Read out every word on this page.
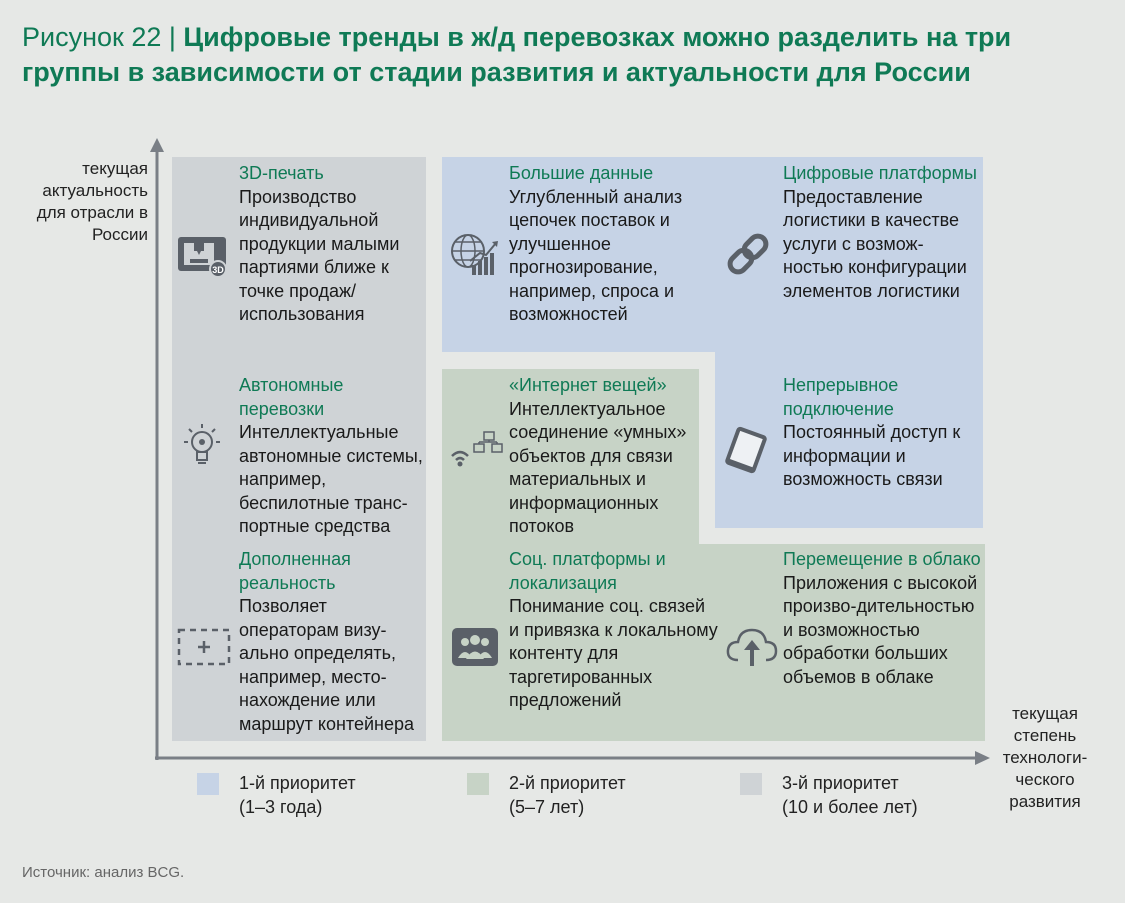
Рисунок 22 | Цифровые тренды в ж/д перевозках можно разделить на три группы в зависимости от стадии развития и актуальности для России
текущая актуальность для отрасли в России
текущая степень технологи-ческого развития
3D
3D-печать
Производство индивидуальной продукции малыми партиями ближе к точке продаж/ использования
Автономные перевозки
Интеллектуальные автономные системы, например, беспилотные транс-портные средства
Дополненная реальность
Позволяет операторам визу-ально определять, например, место-нахождение или маршрут контейнера
Большие данные
Углубленный анализ цепочек поставок и улучшенное прогнозирование, например, спроса и возможностей
«Интернет вещей»
Интеллектуальное соединение «умных» объектов для связи материальных и информационных потоков
Соц. платформы и локализация
Понимание соц. связей и привязка к локальному контенту для таргетированных предложений
Цифровые платформы
Предоставление логистики в качестве услуги с возмож-ностью конфигурации элементов логистики
Непрерывное подключение
Постоянный доступ к информации и возможность связи
Перемещение в облако
Приложения с высокой произво-дительностью и возможностью обработки больших объемов в облаке
1-й приоритет
(1–3 года)
2-й приоритет
(5–7 лет)
3-й приоритет
(10 и более лет)
Источник: анализ BCG.
